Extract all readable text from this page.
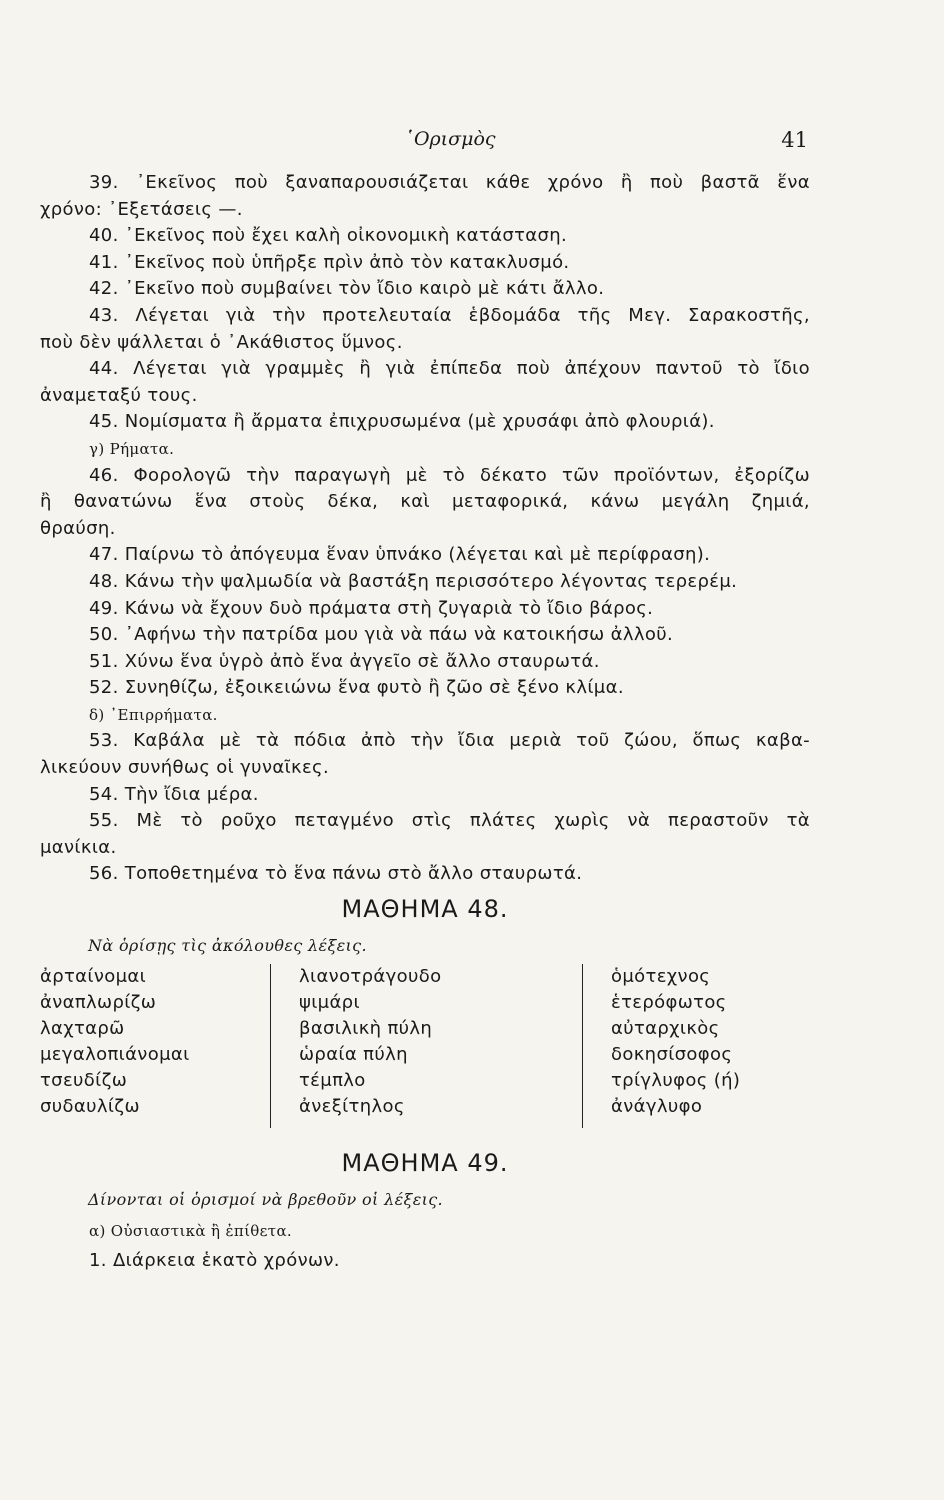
῾Ορισμὸς	41
39. ᾿Εκεῖνος ποὺ ξαναπαρουσιάζεται κάθε χρόνο ἢ ποὺ βαστᾶ ἕνα
χρόνο: ᾿Εξετάσεις —.
40. ᾿Εκεῖνος ποὺ ἔχει καλὴ οἰκονομικὴ κατάσταση.
41. ᾿Εκεῖνος ποὺ ὑπῆρξε πρὶν ἀπὸ τὸν κατακλυσμό.
42. ᾿Εκεῖνο ποὺ συμβαίνει τὸν ἴδιο καιρὸ μὲ κάτι ἄλλο.
43. Λέγεται γιὰ τὴν προτελευταία ἑβδομάδα τῆς Μεγ. Σαρακοστῆς,
ποὺ δὲν ψάλλεται ὁ ᾿Ακάθιστος ὕμνος.
44. Λέγεται γιὰ γραμμὲς ἢ γιὰ ἐπίπεδα ποὺ ἀπέχουν παντοῦ τὸ ἴδιο
ἀναμεταξύ τους.
45. Νομίσματα ἢ ἄρματα ἐπιχρυσωμένα (μὲ χρυσάφι ἀπὸ φλουριά).
γ) Ρήματα.
46. Φορολογῶ τὴν παραγωγὴ μὲ τὸ δέκατο τῶν προϊόντων, ἐξορίζω
ἢ θανατώνω ἕνα στοὺς δέκα, καὶ μεταφορικά, κάνω μεγάλη ζημιά,
θραύση.
47. Παίρνω τὸ ἀπόγευμα ἕναν ὑπνάκο (λέγεται καὶ μὲ περίφραση).
48. Κάνω τὴν ψαλμωδία νὰ βαστάξη περισσότερο λέγοντας τερερέμ.
49. Κάνω νὰ ἔχουν δυὸ πράματα στὴ ζυγαριὰ τὸ ἴδιο βάρος.
50. ᾿Αφήνω τὴν πατρίδα μου γιὰ νὰ πάω νὰ κατοικήσω ἀλλοῦ.
51. Χύνω ἕνα ὑγρὸ ἀπὸ ἕνα ἀγγεῖο σὲ ἄλλο σταυρωτά.
52. Συνηθίζω, ἐξοικειώνω ἕνα φυτὸ ἢ ζῶο σὲ ξένο κλίμα.
δ) ᾿Επιρρήματα.
53. Καβάλα μὲ τὰ πόδια ἀπὸ τὴν ἴδια μεριὰ τοῦ ζώου, ὅπως καβα-
λικεύουν συνήθως οἱ γυναῖκες.
54. Τὴν ἴδια μέρα.
55. Μὲ τὸ ροῦχο πεταγμένο στὶς πλάτες χωρὶς νὰ περαστοῦν τὰ
μανίκια.
56. Τοποθετημένα τὸ ἕνα πάνω στὸ ἄλλο σταυρωτά.
ΜΑΘΗΜΑ 48.
Νὰ ὁρίσῃς τὶς ἀκόλουθες λέξεις.
ἀρταίνομαι
ἀναπλωρίζω
λαχταρῶ
μεγαλοπιάνομαι
τσευδίζω
συδαυλίζω
λιανοτράγουδο
ψιμάρι
βασιλικὴ πύλη
ὡραία πύλη
τέμπλο
ἀνεξίτηλος
ὁμότεχνος
ἑτερόφωτος
αὐταρχικὸς
δοκησίσοφος
τρίγλυφος (ή)
ἀνάγλυφο
ΜΑΘΗΜΑ 49.
Δίνονται οἱ ὁρισμοί νὰ βρεθοῦν οἱ λέξεις.
α) Οὐσιαστικὰ ἢ ἐπίθετα.
1. Διάρκεια ἑκατὸ χρόνων.
